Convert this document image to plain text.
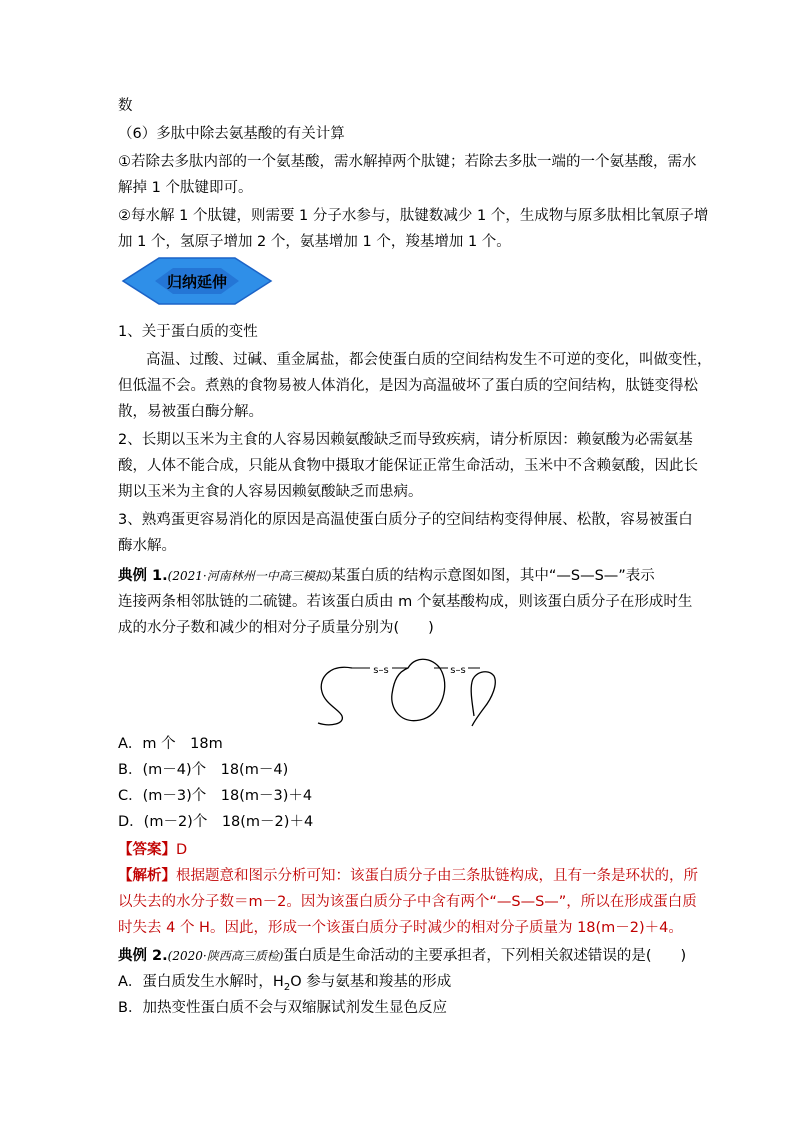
数
（6）多肽中除去氨基酸的有关计算
①若除去多肽内部的一个氨基酸，需水解掉两个肽键；若除去多肽一端的一个氨基酸，需水
解掉 1 个肽键即可。
②每水解 1 个肽键，则需要 1 分子水参与，肽键数减少 1 个，生成物与原多肽相比氧原子增
加 1 个，氢原子增加 2 个，氨基增加 1 个，羧基增加 1 个。
归纳延伸
1、关于蛋白质的变性
高温、过酸、过碱、重金属盐，都会使蛋白质的空间结构发生不可逆的变化，叫做变性，
但低温不会。煮熟的食物易被人体消化，是因为高温破坏了蛋白质的空间结构，肽链变得松
散，易被蛋白酶分解。
2、长期以玉米为主食的人容易因赖氨酸缺乏而导致疾病，请分析原因：赖氨酸为必需氨基
酸，人体不能合成，只能从食物中摄取才能保证正常生命活动，玉米中不含赖氨酸，因此长
期以玉米为主食的人容易因赖氨酸缺乏而患病。
3、熟鸡蛋更容易消化的原因是高温使蛋白质分子的空间结构变得伸展、松散，容易被蛋白
酶水解。
典例 1.(2021·河南林州一中高三模拟)某蛋白质的结构示意图如图，其中“—S—S—”表示
连接两条相邻肽链的二硫键。若该蛋白质由 m 个氨基酸构成，则该蛋白质分子在形成时生
成的水分子数和减少的相对分子质量分别为(　　)
s–s	s–s
A．m 个　18m
B．(m－4)个　18(m－4)
C．(m－3)个　18(m－3)＋4
D．(m－2)个　18(m－2)＋4
【答案】D
【解析】根据题意和图示分析可知：该蛋白质分子由三条肽链构成，且有一条是环状的，所
以失去的水分子数＝m－2。因为该蛋白质分子中含有两个“—S—S—”，所以在形成蛋白质
时失去 4 个 H。因此，形成一个该蛋白质分子时减少的相对分子质量为 18(m－2)＋4。
典例 2.(2020·陕西高三质检)蛋白质是生命活动的主要承担者，下列相关叙述错误的是(　　)
A．蛋白质发生水解时，$H_2O$ 参与氨基和羧基的形成
B．加热变性蛋白质不会与双缩脲试剂发生显色反应
